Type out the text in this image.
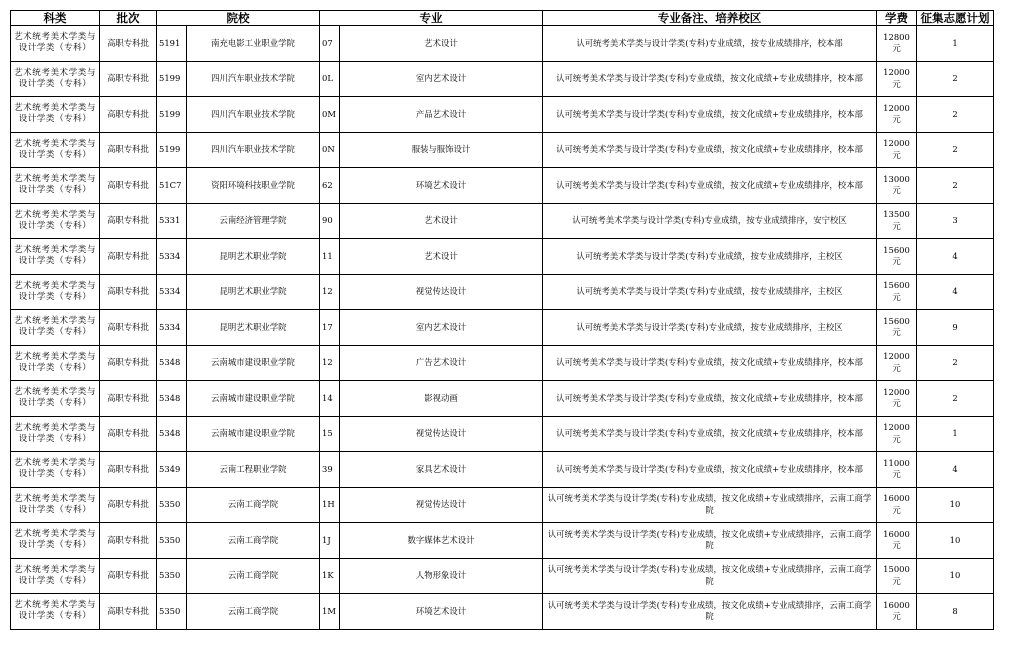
科类	批次	院校		专业		专业备注、培养校区	学费	征集志愿计划
艺术统考美术学类与设计学类（专科）	高职专科批	5191	南充电影工业职业学院	07	艺术设计	认可统考美术学类与设计学类(专科)专业成绩，按专业成绩排序，校本部	12800元	1
艺术统考美术学类与设计学类（专科）	高职专科批	5199	四川汽车职业技术学院	0L	室内艺术设计	认可统考美术学类与设计学类(专科)专业成绩，按文化成绩+专业成绩排序，校本部	12000元	2
艺术统考美术学类与设计学类（专科）	高职专科批	5199	四川汽车职业技术学院	0M	产品艺术设计	认可统考美术学类与设计学类(专科)专业成绩，按文化成绩+专业成绩排序，校本部	12000元	2
艺术统考美术学类与设计学类（专科）	高职专科批	5199	四川汽车职业技术学院	0N	服装与服饰设计	认可统考美术学类与设计学类(专科)专业成绩，按文化成绩+专业成绩排序，校本部	12000元	2
艺术统考美术学类与设计学类（专科）	高职专科批	51C7	资阳环境科技职业学院	62	环境艺术设计	认可统考美术学类与设计学类(专科)专业成绩，按文化成绩+专业成绩排序，校本部	13000元	2
艺术统考美术学类与设计学类（专科）	高职专科批	5331	云南经济管理学院	90	艺术设计	认可统考美术学类与设计学类(专科)专业成绩，按专业成绩排序，安宁校区	13500元	3
艺术统考美术学类与设计学类（专科）	高职专科批	5334	昆明艺术职业学院	11	艺术设计	认可统考美术学类与设计学类(专科)专业成绩，按专业成绩排序，主校区	15600元	4
艺术统考美术学类与设计学类（专科）	高职专科批	5334	昆明艺术职业学院	12	视觉传达设计	认可统考美术学类与设计学类(专科)专业成绩，按专业成绩排序，主校区	15600元	4
艺术统考美术学类与设计学类（专科）	高职专科批	5334	昆明艺术职业学院	17	室内艺术设计	认可统考美术学类与设计学类(专科)专业成绩，按专业成绩排序，主校区	15600元	9
艺术统考美术学类与设计学类（专科）	高职专科批	5348	云南城市建设职业学院	12	广告艺术设计	认可统考美术学类与设计学类(专科)专业成绩，按文化成绩+专业成绩排序，校本部	12000元	2
艺术统考美术学类与设计学类（专科）	高职专科批	5348	云南城市建设职业学院	14	影视动画	认可统考美术学类与设计学类(专科)专业成绩，按文化成绩+专业成绩排序，校本部	12000元	2
艺术统考美术学类与设计学类（专科）	高职专科批	5348	云南城市建设职业学院	15	视觉传达设计	认可统考美术学类与设计学类(专科)专业成绩，按文化成绩+专业成绩排序，校本部	12000元	1
艺术统考美术学类与设计学类（专科）	高职专科批	5349	云南工程职业学院	39	家具艺术设计	认可统考美术学类与设计学类(专科)专业成绩，按文化成绩+专业成绩排序，校本部	11000元	4
艺术统考美术学类与设计学类（专科）	高职专科批	5350	云南工商学院	1H	视觉传达设计	认可统考美术学类与设计学类(专科)专业成绩，按文化成绩+专业成绩排序，云南工商学院	16000元	10
艺术统考美术学类与设计学类（专科）	高职专科批	5350	云南工商学院	1J	数字媒体艺术设计	认可统考美术学类与设计学类(专科)专业成绩，按文化成绩+专业成绩排序，云南工商学院	16000元	10
艺术统考美术学类与设计学类（专科）	高职专科批	5350	云南工商学院	1K	人物形象设计	认可统考美术学类与设计学类(专科)专业成绩，按文化成绩+专业成绩排序，云南工商学院	15000元	10
艺术统考美术学类与设计学类（专科）	高职专科批	5350	云南工商学院	1M	环境艺术设计	认可统考美术学类与设计学类(专科)专业成绩，按文化成绩+专业成绩排序，云南工商学院	16000元	8
